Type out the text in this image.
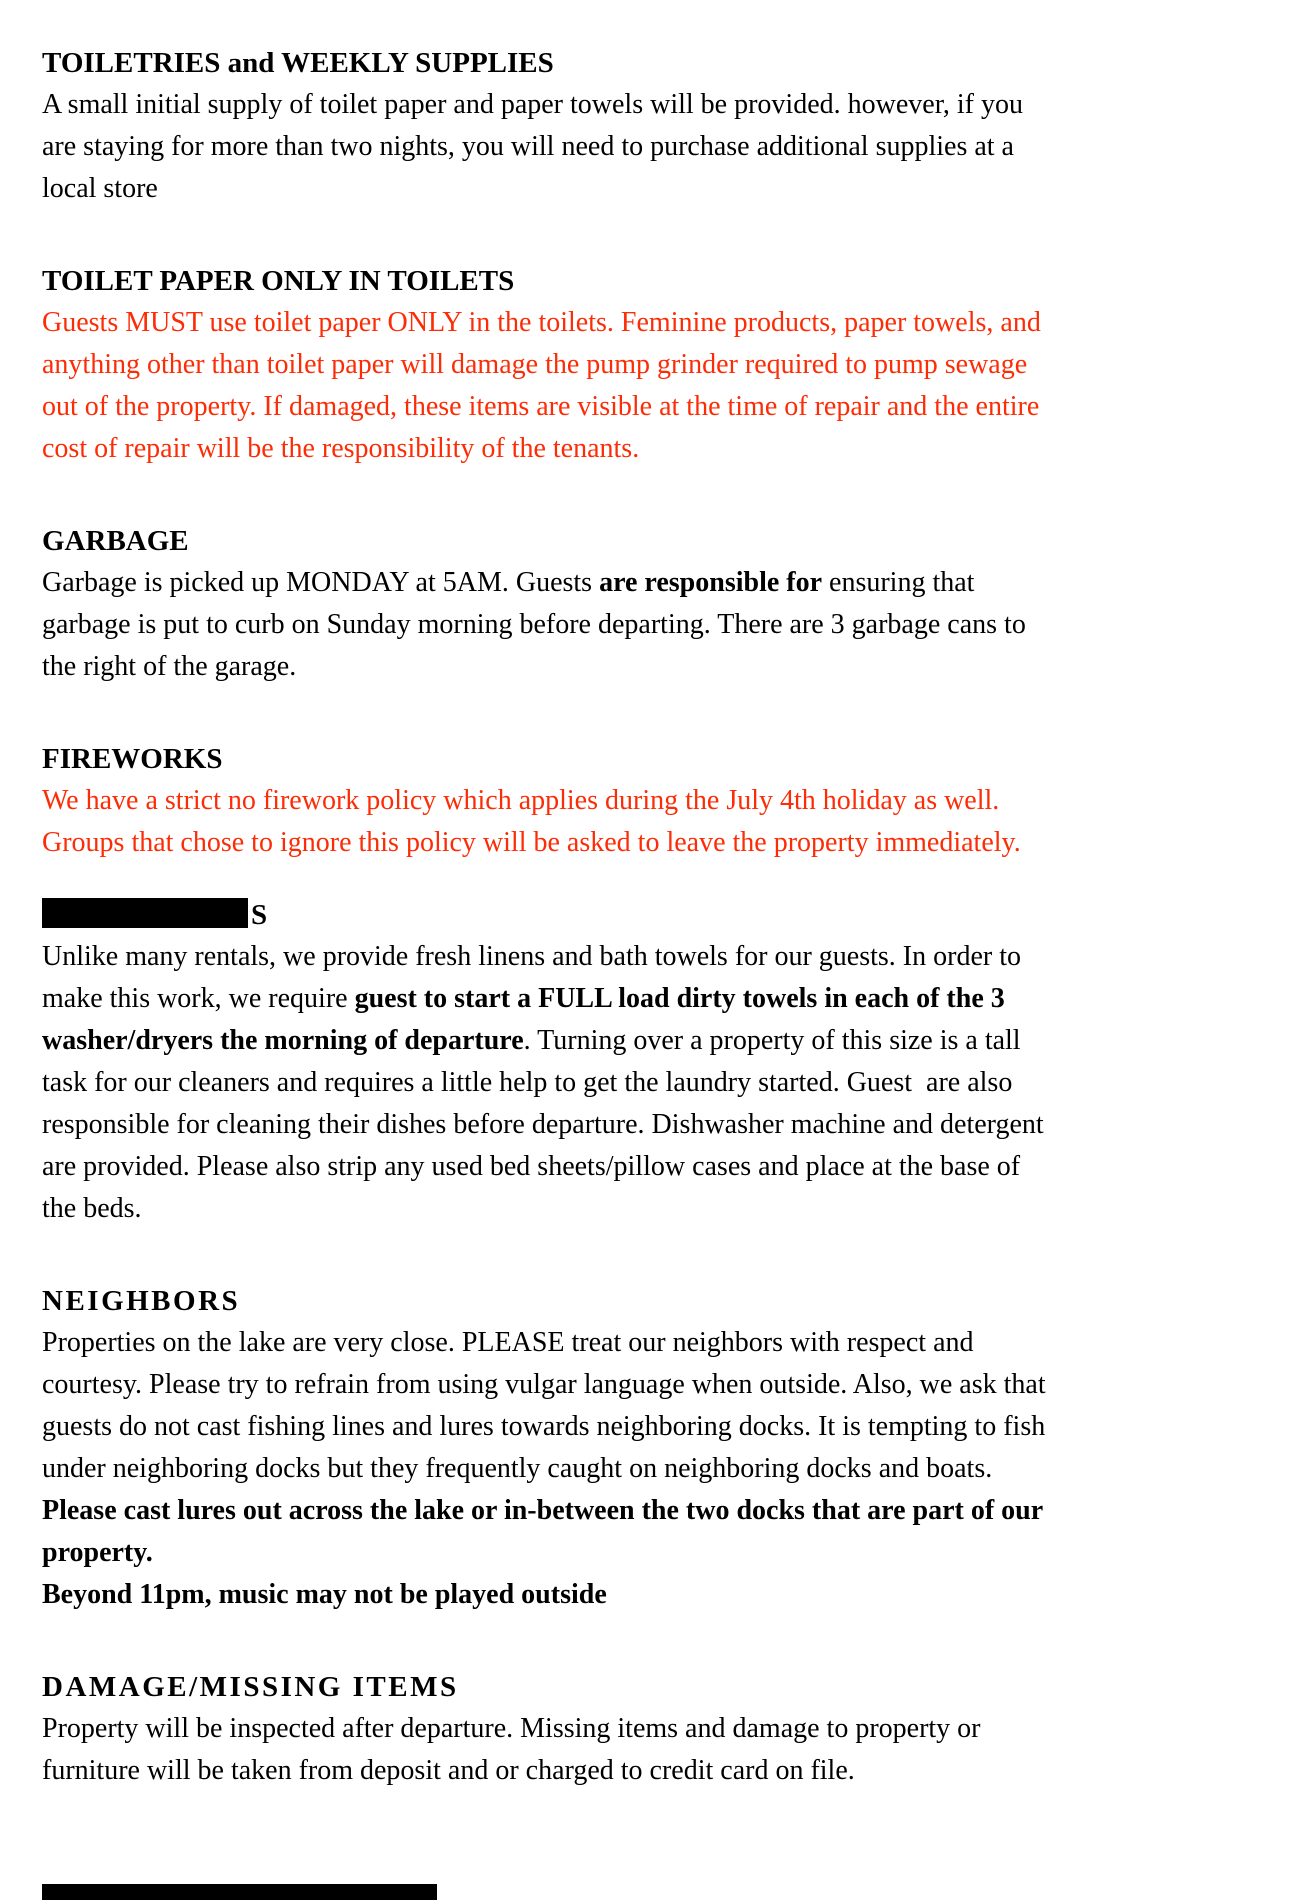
TOILETRIES and WEEKLY SUPPLIES

A small initial supply of toilet paper and paper towels will be provided. however, if you
are staying for more than two nights, you will need to purchase additional supplies at a
local store

TOILET PAPER ONLY IN TOILETS

Guests MUST use toilet paper ONLY in the toilets. Feminine products, paper towels, and
anything other than toilet paper will damage the pump grinder required to pump sewage
out of the property. If damaged, these items are visible at the time of repair and the entire
cost of repair will be the responsibility of the tenants.

GARBAGE

Garbage is picked up MONDAY at 5AM. Guests are responsible for ensuring that
garbage is put to curb on Sunday morning before departing. There are 3 garbage cans to
the right of the garage.

FIREWORKS

We have a strict no firework policy which applies during the July 4th holiday as well.
Groups that chose to ignore this policy will be asked to leave the property immediately.

S

Unlike many rentals, we provide fresh linens and bath towels for our guests. In order to
make this work, we require guest to start a FULL load dirty towels in each of the 3
washer/dryers the morning of departure. Turning over a property of this size is a tall
task for our cleaners and requires a little help to get the laundry started. Guest  are also
responsible for cleaning their dishes before departure. Dishwasher machine and detergent
are provided. Please also strip any used bed sheets/pillow cases and place at the base of
the beds.

NEIGHBORS

Properties on the lake are very close. PLEASE treat our neighbors with respect and
courtesy. Please try to refrain from using vulgar language when outside. Also, we ask that
guests do not cast fishing lines and lures towards neighboring docks. It is tempting to fish
under neighboring docks but they frequently caught on neighboring docks and boats.
Please cast lures out across the lake or in-between the two docks that are part of our
property.
Beyond 11pm, music may not be played outside

DAMAGE/MISSING ITEMS

Property will be inspected after departure. Missing items and damage to property or
furniture will be taken from deposit and or charged to credit card on file.
